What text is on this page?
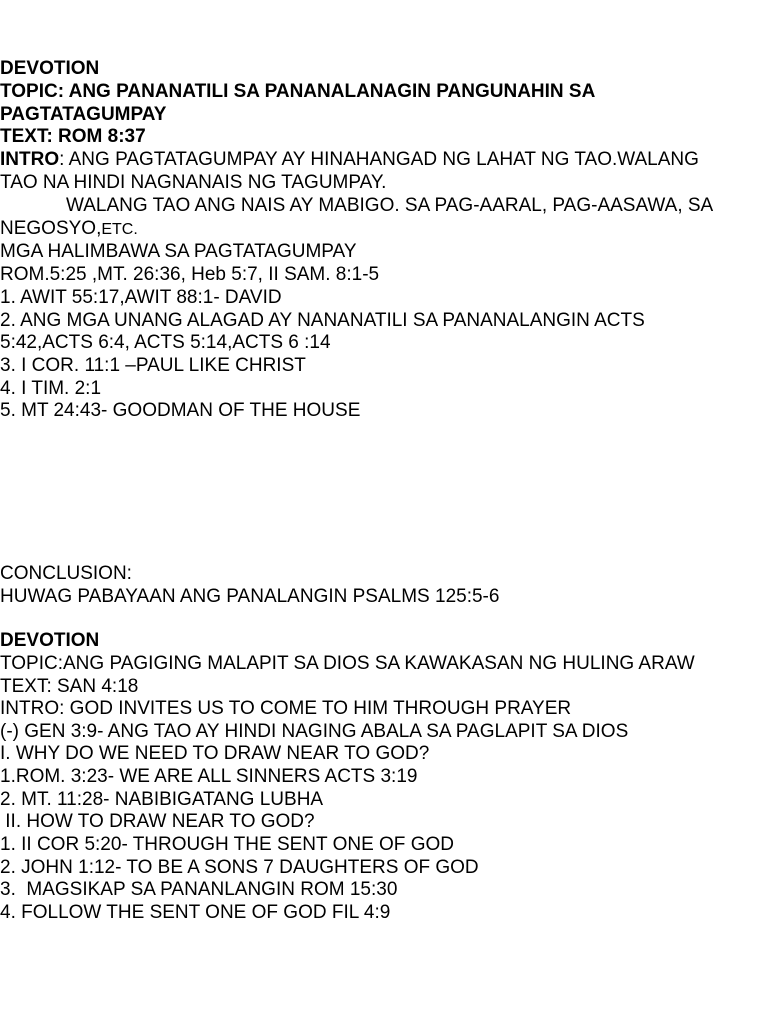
DEVOTION
TOPIC: ANG PANANATILI SA PANANALANAGIN PANGUNAHIN SA
PAGTATAGUMPAY
TEXT: ROM 8:37
INTRO: ANG PAGTATAGUMPAY AY HINAHANGAD NG LAHAT NG TAO.WALANG
TAO NA HINDI NAGNANAIS NG TAGUMPAY.
WALANG TAO ANG NAIS AY MABIGO. SA PAG-AARAL, PAG-AASAWA, SA
NEGOSYO,ETC.
MGA HALIMBAWA SA PAGTATAGUMPAY
ROM.5:25 ,MT. 26:36, Heb 5:7, II SAM. 8:1-5
1. AWIT 55:17,AWIT 88:1- DAVID
2. ANG MGA UNANG ALAGAD AY NANANATILI SA PANANALANGIN ACTS
5:42,ACTS 6:4, ACTS 5:14,ACTS 6 :14
3. I COR. 11:1 –PAUL LIKE CHRIST
4. I TIM. 2:1
5. MT 24:43- GOODMAN OF THE HOUSE
CONCLUSION:
HUWAG PABAYAAN ANG PANALANGIN PSALMS 125:5-6
DEVOTION
TOPIC:ANG PAGIGING MALAPIT SA DIOS SA KAWAKASAN NG HULING ARAW
TEXT: SAN 4:18
INTRO: GOD INVITES US TO COME TO HIM THROUGH PRAYER
(-) GEN 3:9- ANG TAO AY HINDI NAGING ABALA SA PAGLAPIT SA DIOS
I. WHY DO WE NEED TO DRAW NEAR TO GOD?
1.ROM. 3:23- WE ARE ALL SINNERS ACTS 3:19
2. MT. 11:28- NABIBIGATANG LUBHA
II. HOW TO DRAW NEAR TO GOD?
1. II COR 5:20- THROUGH THE SENT ONE OF GOD
2. JOHN 1:12- TO BE A SONS 7 DAUGHTERS OF GOD
3.  MAGSIKAP SA PANANLANGIN ROM 15:30
4. FOLLOW THE SENT ONE OF GOD FIL 4:9
